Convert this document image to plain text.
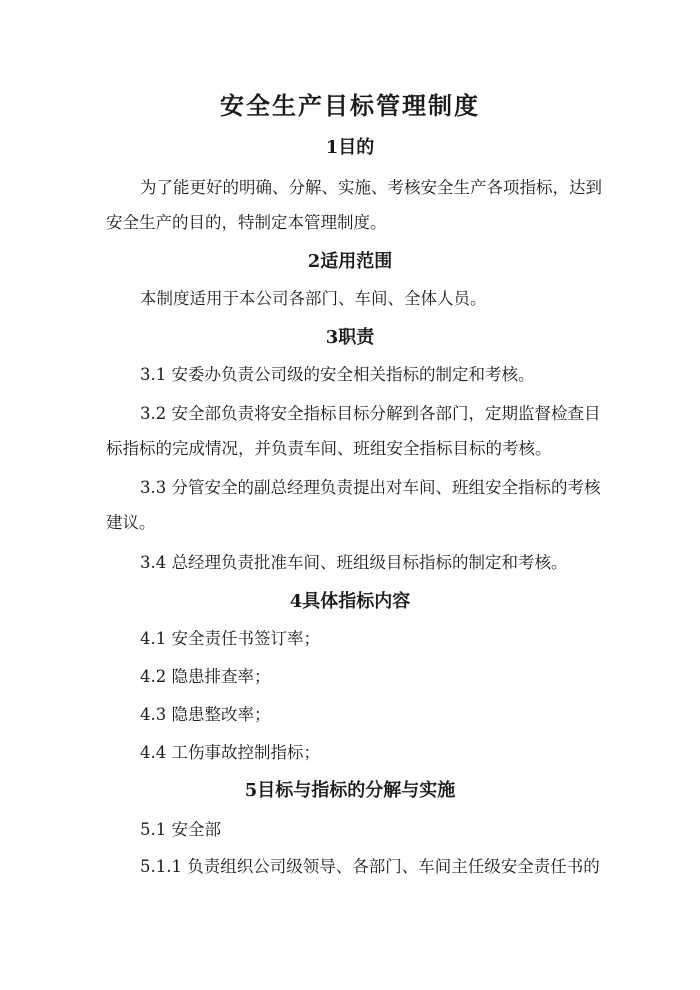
安全生产目标管理制度
1目的

为了能更好的明确、分解、实施、考核安全生产各项指标，达到安全生产的目的，特制定本管理制度。

2适用范围

本制度适用于本公司各部门、车间、全体人员。

3职责

3.1 安委办负责公司级的安全相关指标的制定和考核。

3.2 安全部负责将安全指标目标分解到各部门，定期监督检查目标指标的完成情况，并负责车间、班组安全指标目标的考核。

3.3 分管安全的副总经理负责提出对车间、班组安全指标的考核建议。

3.4 总经理负责批准车间、班组级目标指标的制定和考核。

4具体指标内容

4.1 安全责任书签订率；

4.2 隐患排查率；

4.3 隐患整改率；

4.4 工伤事故控制指标；

5目标与指标的分解与实施

5.1 安全部

5.1.1 负责组织公司级领导、各部门、车间主任级安全责任书的
